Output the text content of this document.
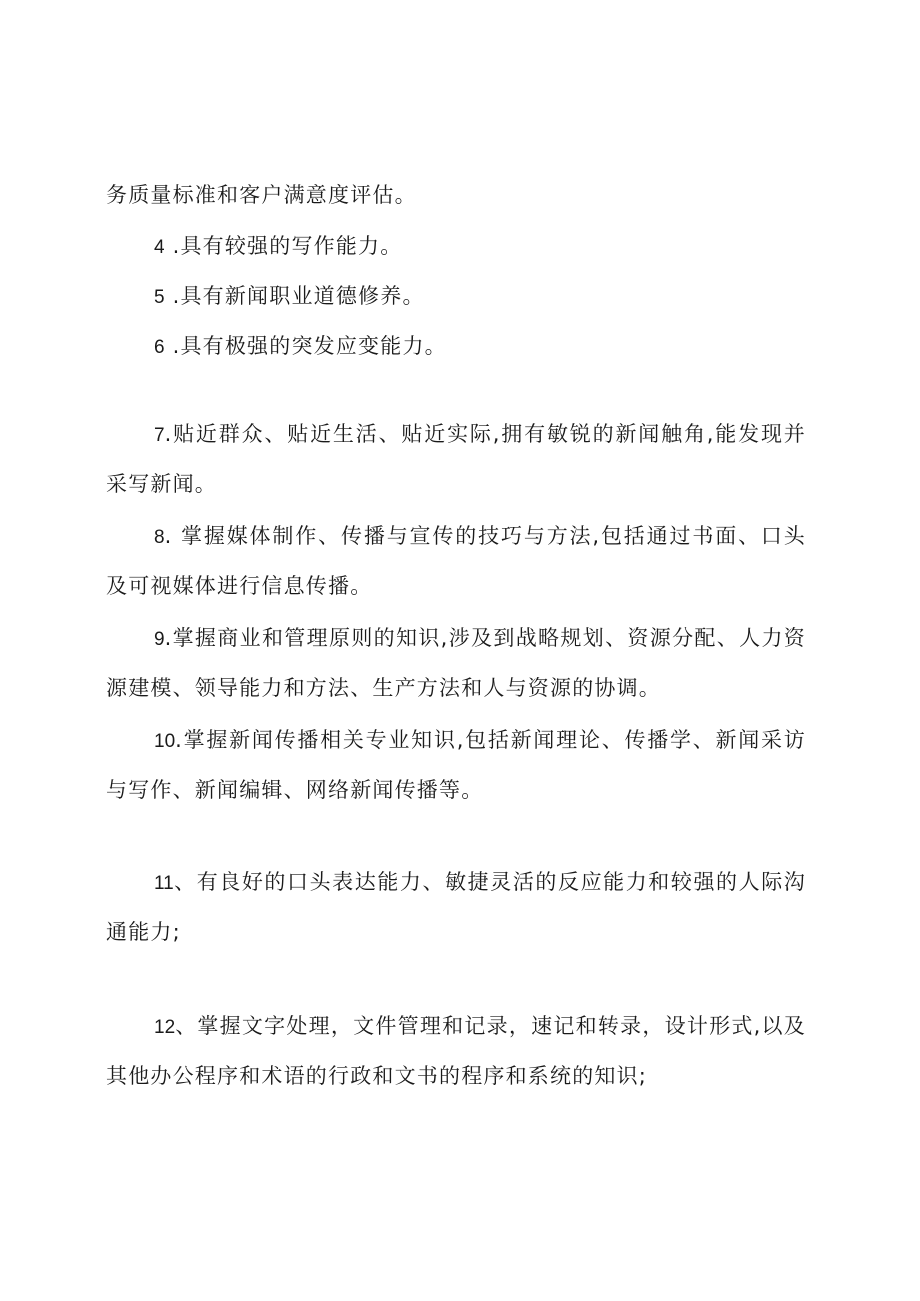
务质量标准和客户满意度评估。

4 .具有较强的写作能力。

5 .具有新闻职业道德修养。

6 .具有极强的突发应变能力。

7.贴近群众、贴近生活、贴近实际,拥有敏锐的新闻触角,能发现并采写新闻。

8. 掌握媒体制作、传播与宣传的技巧与方法,包括通过书面、口头及可视媒体进行信息传播。

9.掌握商业和管理原则的知识,涉及到战略规划、资源分配、人力资源建模、领导能力和方法、生产方法和人与资源的协调。

10.掌握新闻传播相关专业知识,包括新闻理论、传播学、新闻采访与写作、新闻编辑、网络新闻传播等。

11、有良好的口头表达能力、敏捷灵活的反应能力和较强的人际沟通能力;

12、掌握文字处理，文件管理和记录，速记和转录，设计形式,以及其他办公程序和术语的行政和文书的程序和系统的知识;
